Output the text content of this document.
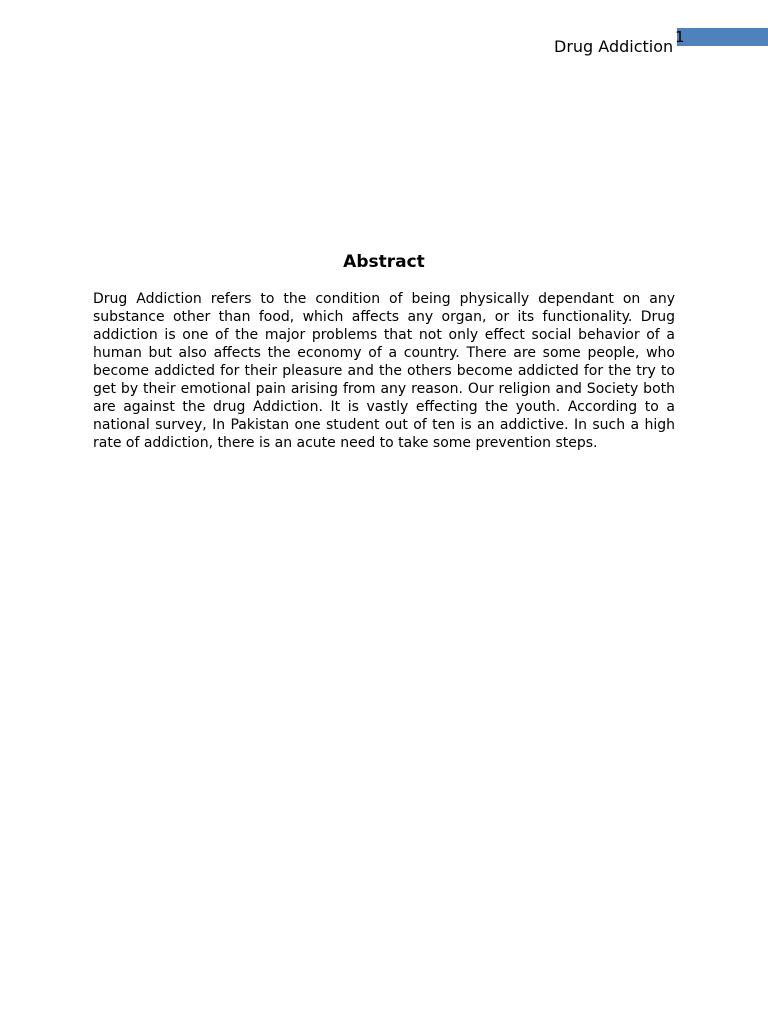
Drug Addiction 1
Abstract

Drug Addiction refers to the condition of being physically dependant on any substance other than food, which affects any organ, or its functionality. Drug addiction is one of the major problems that not only effect social behavior of a human but also affects the economy of a country. There are some people, who become addicted for their pleasure and the others become addicted for the try to get by their emotional pain arising from any reason. Our religion and Society both are against the drug Addiction. It is vastly effecting the youth. According to a national survey, In Pakistan one student out of ten is an addictive. In such a high rate of addiction, there is an acute need to take some prevention steps.
